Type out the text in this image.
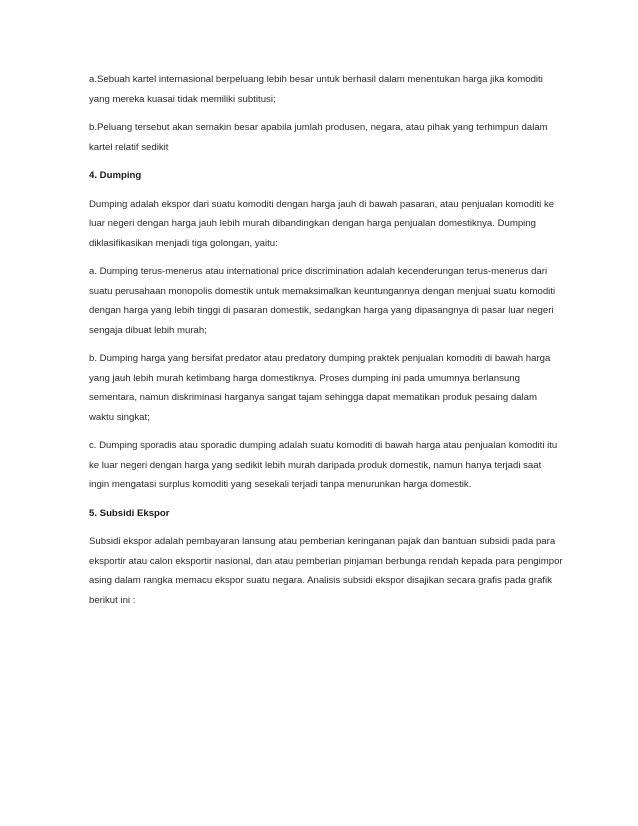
a.Sebuah kartel internasional berpeluang lebih besar untuk berhasil dalam menentukan harga jika komoditi yang mereka kuasai tidak memiliki subtitusi;

b.Peluang tersebut akan semakin besar apabila jumlah produsen, negara, atau pihak yang terhimpun dalam kartel relatif sedikit

4. Dumping

Dumping adalah ekspor dari suatu komoditi dengan harga jauh di bawah pasaran, atau penjualan komoditi ke luar negeri dengan harga jauh lebih murah dibandingkan dengan harga penjualan domestiknya. Dumping diklasifikasikan menjadi tiga golongan, yaitu:

a. Dumping terus-menerus atau international price discrimination adalah kecenderungan terus-menerus dari suatu perusahaan monopolis domestik untuk memaksimalkan keuntungannya dengan menjual suatu komoditi dengan harga yang lebih tinggi di pasaran domestik, sedangkan harga yang dipasangnya di pasar luar negeri sengaja dibuat lebih murah;

b. Dumping harga yang bersifat predator atau predatory dumping praktek penjualan komoditi di bawah harga yang jauh lebih murah ketimbang harga domestiknya. Proses dumping ini pada umumnya berlansung sementara, namun diskriminasi harganya sangat tajam sehingga dapat mematikan produk pesaing dalam waktu singkat;

c. Dumping sporadis atau sporadic dumping adalah suatu komoditi di bawah harga atau penjualan komoditi itu ke luar negeri dengan harga yang sedikit lebih murah daripada produk domestik, namun hanya terjadi saat ingin mengatasi surplus komoditi yang sesekali terjadi tanpa menurunkan harga domestik.

5. Subsidi Ekspor

Subsidi ekspor adalah pembayaran lansung atau pemberian keringanan pajak dan bantuan subsidi pada para eksportir atau calon eksportir nasional, dan atau pemberian pinjaman berbunga rendah kepada para pengimpor asing dalam rangka memacu ekspor suatu negara. Analisis subsidi ekspor disajikan secara grafis pada grafik berikut ini :
